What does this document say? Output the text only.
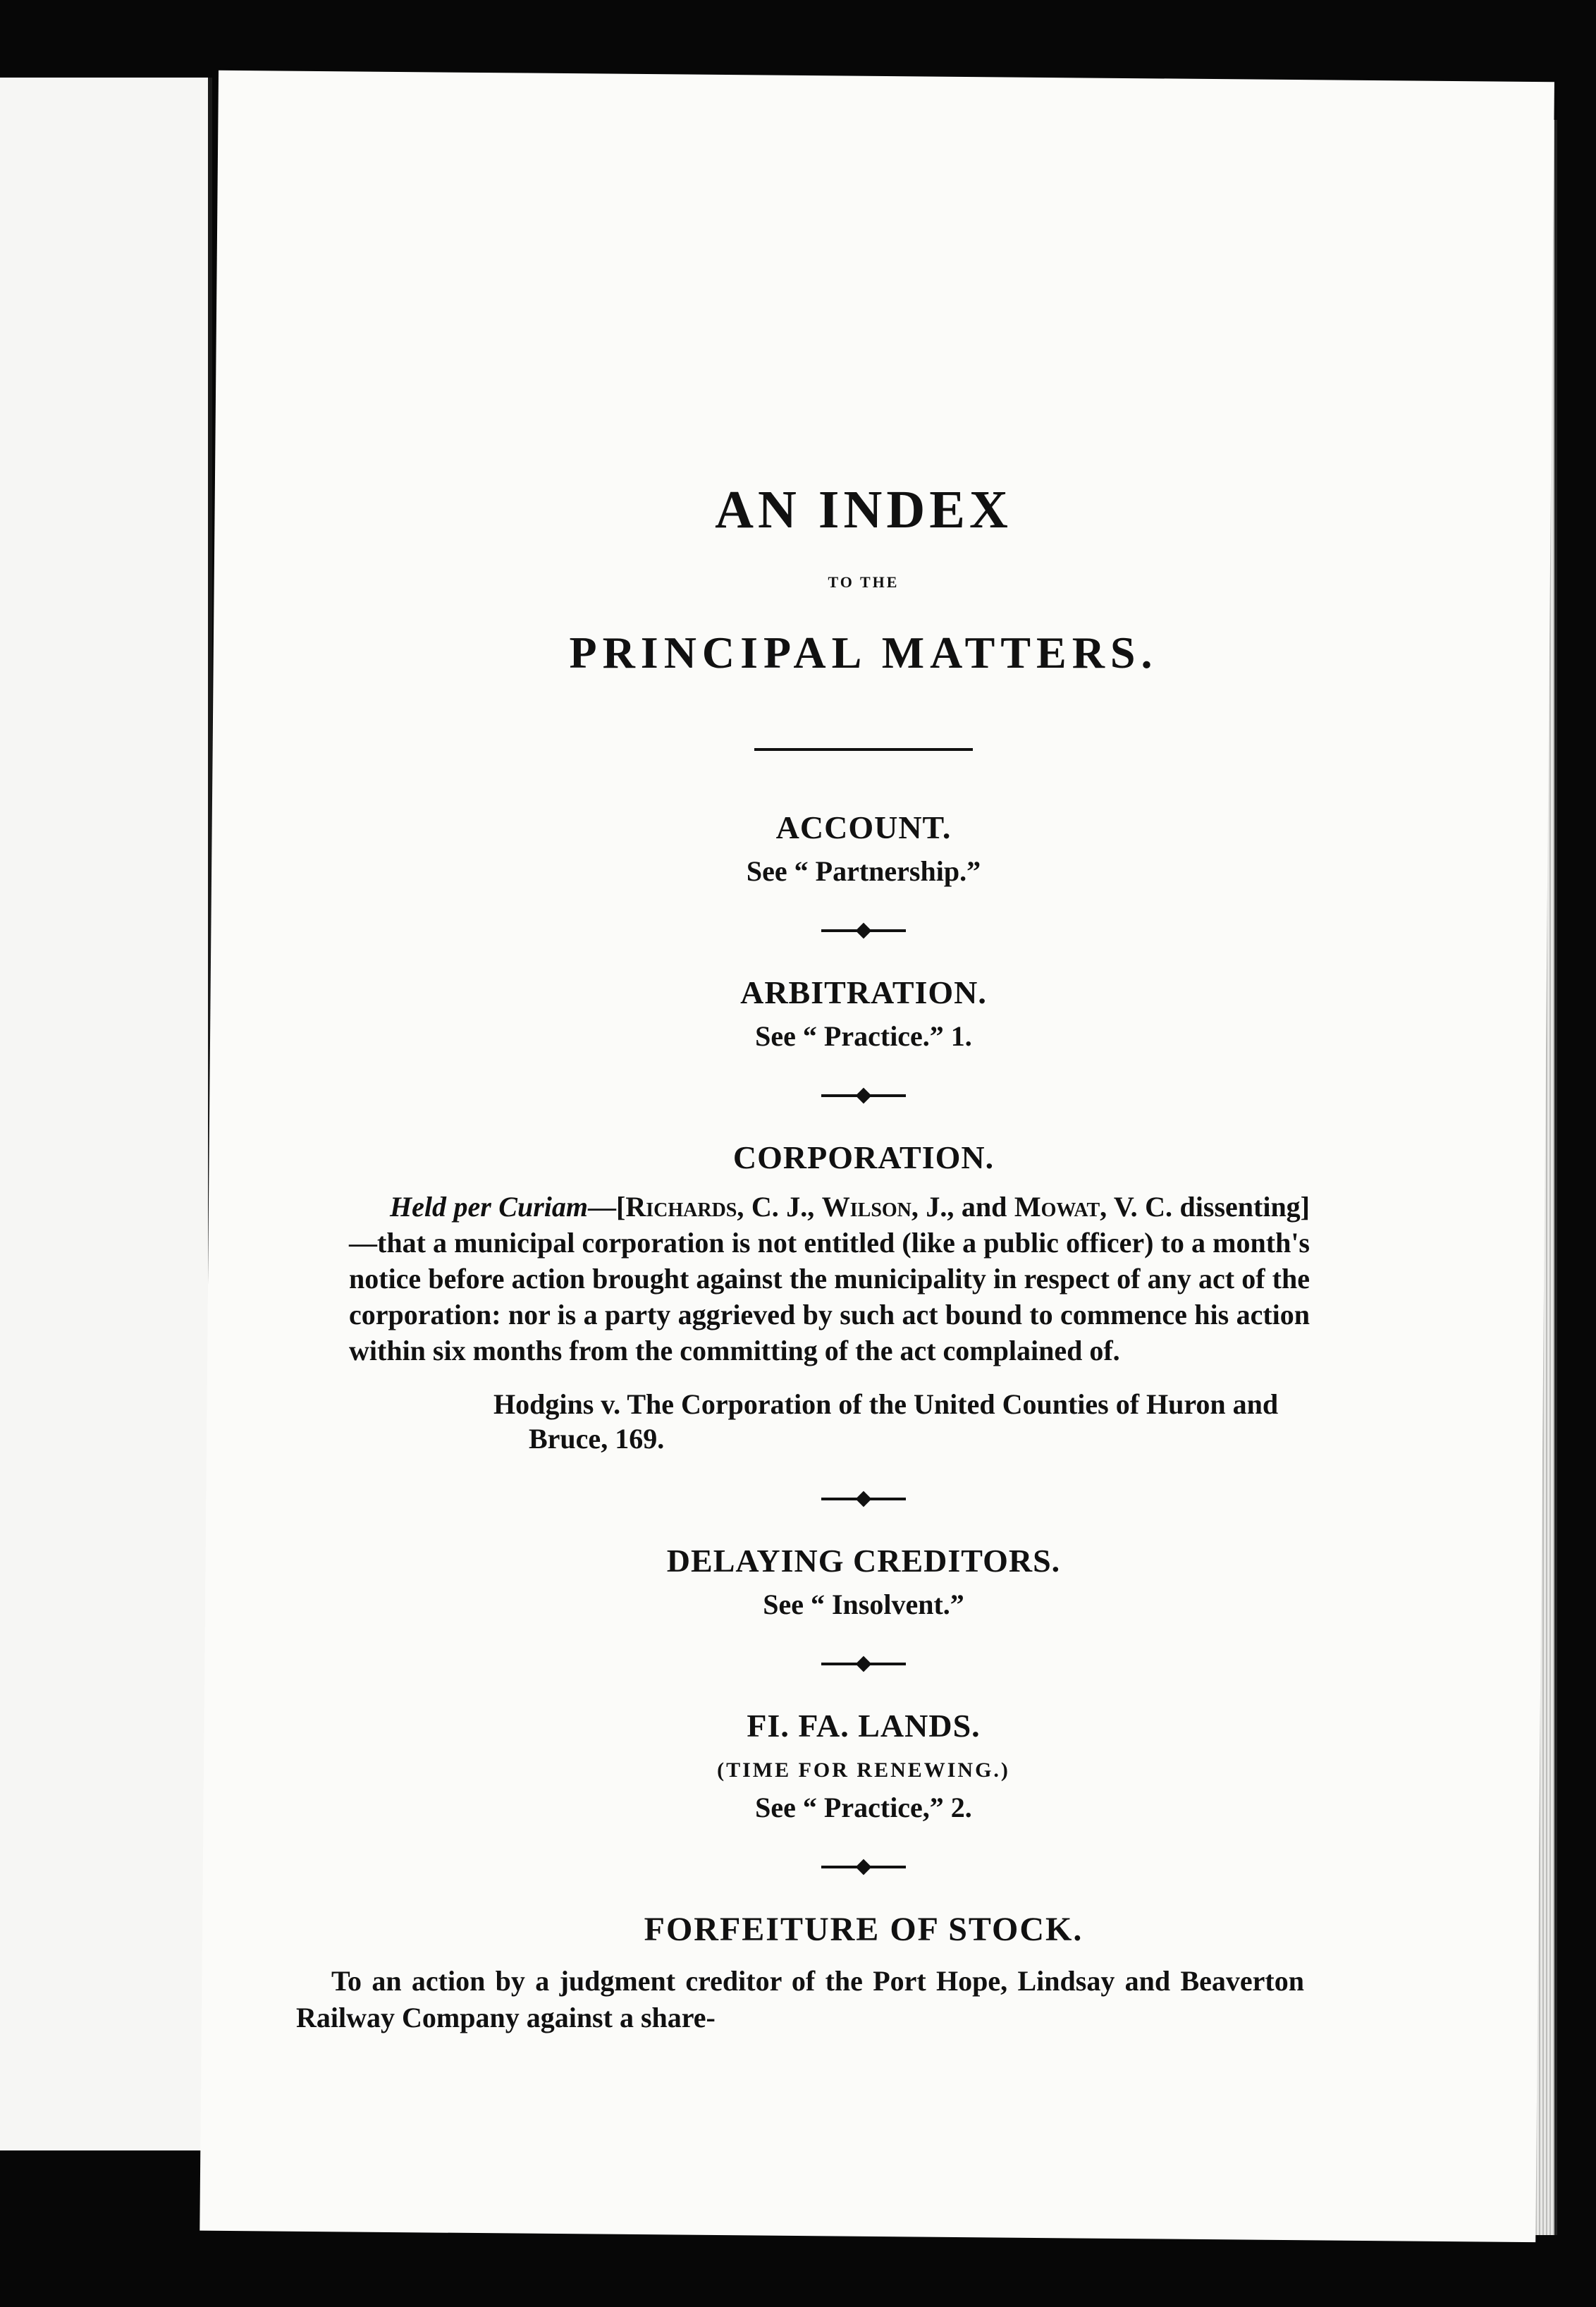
AN INDEX

TO THE

PRINCIPAL MATTERS.

ACCOUNT.

See “ Partnership.”

ARBITRATION.

See “ Practice.” 1.

CORPORATION.

Held per Curiam—[Richards, C. J., Wilson, J., and Mowat, V. C. dissenting]—that a municipal corporation is not entitled (like a public officer) to a month's notice before action brought against the municipality in respect of any act of the corporation: nor is a party aggrieved by such act bound to commence his action within six months from the committing of the act complained of.

Hodgins v. The Corporation of the United Counties of Huron and Bruce, 169.

DELAYING CREDITORS.

See “ Insolvent.”

FI. FA. LANDS.

(TIME FOR RENEWING.)

See “ Practice,” 2.

FORFEITURE OF STOCK.

To an action by a judgment creditor of the Port Hope, Lindsay and Beaverton Railway Company against a share-
